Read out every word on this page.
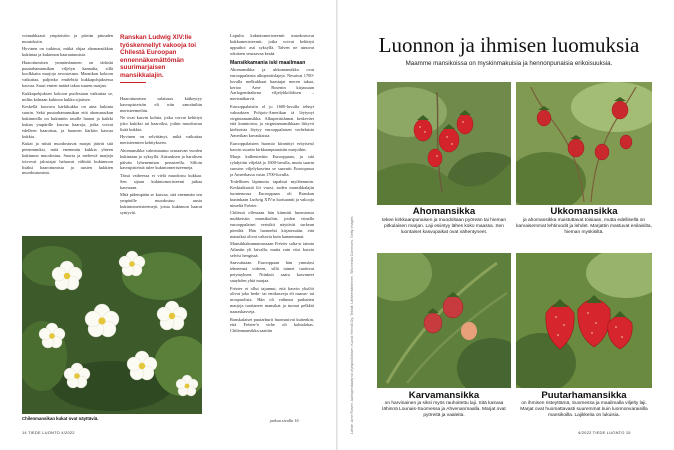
voimakkaasti ympäristön ja päivän pituuden muutoksiin.

Hyvinen on tutkinut, mitkä ohjaa ahomansikkan kukintaa ja kukinnon haarautumista.

Haarottumisen ymmärtäminen on tärkeää puutarhamansikan viljelyn kannalta, sillä koolkkaita marjoja arvostetaan. Mansikan kokoon vaikuttaa, paljonko emilehtiä kukkapohjaksessa kasvaa. Suuri emien määrä takaa suuren marjan.

Kukkapohjuksen kokoon puolestaan vaikuttaa se, miltin kohtaan kukinoa kukka sijaitsee.

Keskellä kasvava kärkikukka on aina kukinta suurin. Sekä puutarhamansikan että ahomansikan kukinnoilla on kukinnön tasolle haarat ja kaikki kukan ympärille kasvaa haaroja, jotka voivat edelleen haarottua, ja haaroen kärkiin kasvaa kukkia.

Kukat ja niistä muodostuvat marjat jäävät sitä pienemmiksi, mitä enemmän kukkia yhteen kukinnon muodostuu. Suuria ja meheviä marjoja toivovat jalostajat haluavat välittää kukinnoon lisäksi haarottumista ja uusien kukkien muodostumista.

Ranskan Ludwig XIV:lle työskennellyt vakooja toi Chilestä Euroopan ennennäkemättömän suurimarjaisen mansikkalajin.

Haarottumisen salaisuus kätkeytyy kasvupisteisiin eli niin sanottuihin meristeemeihin.

Ne ovat kasvin kohtia, jotka voivat kehittyä joko kukiksi tai haaroiksi, joihin muodostuu lisää kukkia.

Hyvinen on selvittänyt, mikä vaikuttaa meristeemien kehitykseen.

Ahomansikka valmistautuu seuraavan vuoden kukintaan jo syksyllä. Aistuuksen ja haralisen päivän lyhenemisen perusteella. Silloin kasvupisteistä tulee kukintomeristeemeja.

Tässä vaiheessa ei vielä muodostu kukkaa. Sen sijaan kukintomeristeemi jatkaa kasvuaan.

Mitä pidempään se kasvaa, sitä enemmän sen ympärille muodostuu uusia kukintomeristeemejä, joista kukinnon haarat syntyvät.

Lopulta kukintomeristeemit muodostuvat kukkameristeemit, jotka voivat kehittyä uppuihoi asti syksyllä. Talven ne uinuvat odottaen seuraavaa kesää.

Mansikkamania iski maailmaan

Ahomansikka ja ukkomansikka ovat eurooppalaisia alkuperäislajeja. Nesaivat 1700-luvulla melkukkaat haastajat meren takaa, kertoo Arne Rosenin kirjassaan Aarlogendaalsrna viljelykkölöksen – merisnäkarvit.

Eurooppalaisiin ol jo 1600-luvulla tehnyt vakuuksen Pohjois-Amerikan tä löytynyt virginiamansikka. Alkuperäislamat keskeväet että kunnioista, ja virginiamansikkaan liittyvä kiehtoista löytyy eurooppalaisen verhelaista Amerikan kuvauksista.

Eurooppalaisten huomio kiinnittyi erityisesti kasvin suuriin kirkkaanpunaisiin marjoihin.

Marja kulkeutettiin Eurooppaan, ja sitä ryhdyttiin viljelää jo 1600-luvulla, mutta suurm suosion viljelykasvina se saavutti Euroopassa ja Amerikassa vasta 1700-luvulla.

Todellinen läpimurto tapahtui myöhemmin. Keskiaikaisiä löi vuosi, suden mansikkalajin tuontenosua Eurooppaan oli Ranskan kuninkaan Ludwig XIV:n luotsaantti ja vakooja nimeltä Frézier.

Chilessä ollessaan hän kiinnitti huomionsa muhkeisiin mansikoihin, joiden viinalla eurooppalaiset vertsikit näyttivät surkean pieniltä. Hän luonnehti kirjatessään, että mansikat olivat valtavia kuin kananmunat.

Mansikkakunnumussaan Frézier salta-si taimia Atlantin yli laivalla, mutta vain viisi kasvia selvisi hengissä.

Saavuttuaan Eurooppaan hän ymmärsi tehneensä virheen, sillä taimet tuottivat petymyksen. Niinkuit saatu kasvaneet sauyhden yhtä marjaa.

Frézier ei ollut tajunnut, että kasvin yksilöt olivat joko hede- tai emikasveja eli naaras- tai urospuolisia. Hän oli valinnut parhaiten marjoja tuottaneet mansikat ja tuonut pelkkiä naaraskasveja.

Ranskalaiset puutarhurit huomasivat kuitenkin, että Frézier'n virhe oli kohtalokas. Chilenmansikka saattiin

jatkuu sivulla 16
Chilenmansikan kukat ovat näyttäviä.
14 TIEDE LUONTO 4/2022	Lähde: Arne Rosen: Aarlogendaalsrna viljelykkölöksen; Kuvat: Heinilä Oy; Tekstit: Lähteentähteinen, Wikimedia Commons, Getty Images
Luonnon ja ihmisen luomuksia
Maamme mansikoissa on myskinmakuisia ja hennonpunaisia erikoisuuksia.
Ahomansikka
tekee kirkkaanpunaisen ja muodoltaan pyöreän tai hieman pitkulaisen marjan. Laji esiintyy lähes koko maassa. Sen luontaiset kasvupaikat ovat vähentyneet.
Ukkomansikka
ja ahomansikka muistuttavat toisiaan, mutta edellisellä on karvaisemmat lehtiruodit ja lehdet. Marjattin mastuvat enilaisilta, hieman myskisiltä.
Karvamansikka
on harvinainen ja siksi myös rauhoitettu laji. Sitä kasvaa lähinnä Lounais-Suomessa ja Ahvenanmaalla. Marjat ovat pyöreitä ja vaaleita.
Puutarhamansikka
on ihmisen risteyttämä, Suomessa ja maailmalla viljelty laji. Marjat ovat huomattavasti suuremmat kuin luonnonvaraisilla mansikoilla. Lajikkeita on lukuisia.
4/2022 TIEDE LUONTO 15
